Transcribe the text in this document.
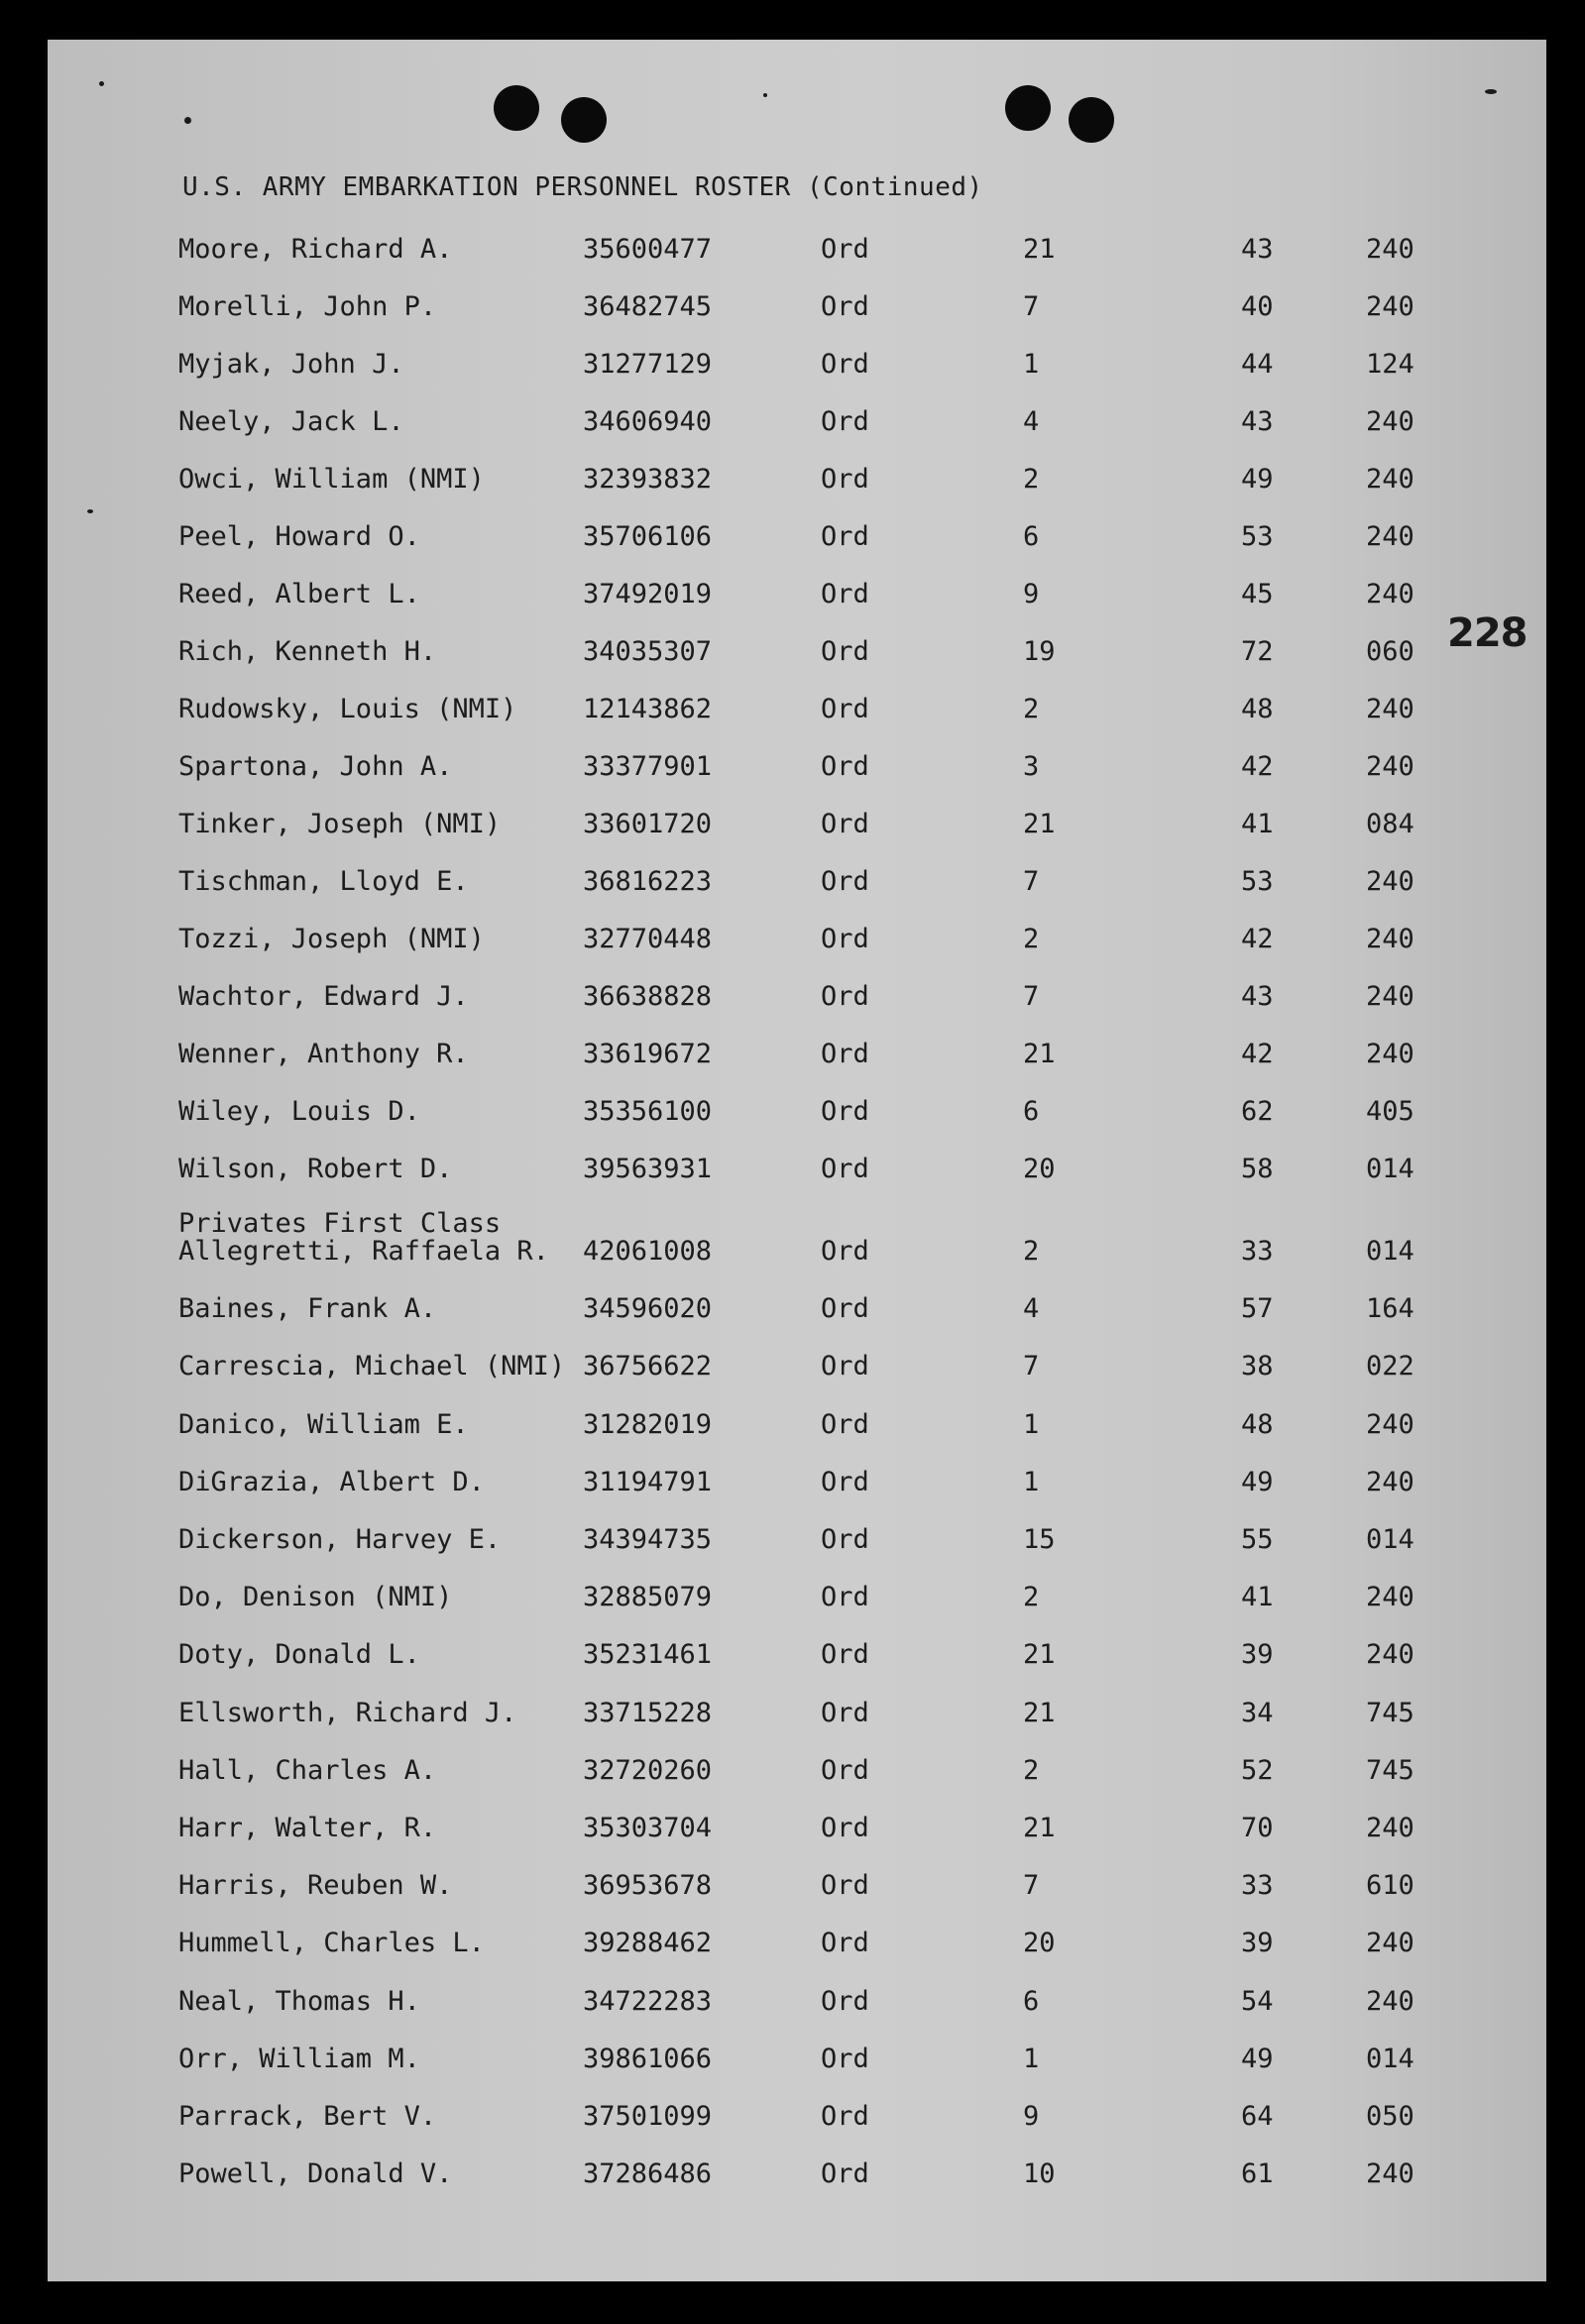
U.S. ARMY EMBARKATION PERSONNEL ROSTER (Continued)
228
Moore, Richard A.	35600477	Ord	21	43	240
Morelli, John P.	36482745	Ord	7	40	240
Myjak, John J.	31277129	Ord	1	44	124
Neely, Jack L.	34606940	Ord	4	43	240
Owci, William (NMI)	32393832	Ord	2	49	240
Peel, Howard O.	35706106	Ord	6	53	240
Reed, Albert L.	37492019	Ord	9	45	240
Rich, Kenneth H.	34035307	Ord	19	72	060
Rudowsky, Louis (NMI) 12143862	Ord	2	48	240
Spartona, John A.	33377901	Ord	3	42	240
Tinker, Joseph (NMI)	33601720	Ord	21	41	084
Tischman, Lloyd E.	36816223	Ord	7	53	240
Tozzi, Joseph (NMI)	32770448	Ord	2	42	240
Wachtor, Edward J.	36638828	Ord	7	43	240
Wenner, Anthony R.	33619672	Ord	21	42	240
Wiley, Louis D.	35356100	Ord	6	62	405
Wilson, Robert D.	39563931	Ord	20	58	014
Privates First Class
Allegretti, Raffaela R. 42061008	Ord	2	33	014
Baines, Frank A.	34596020	Ord	4	57	164
Carrescia, Michael (NMI) 36756622	Ord	7	38	022
Danico, William E.	31282019	Ord	1	48	240
DiGrazia, Albert D.	31194791	Ord	1	49	240
Dickerson, Harvey E.	34394735	Ord	15	55	014
Do, Denison (NMI)	32885079	Ord	2	41	240
Doty, Donald L.	35231461	Ord	21	39	240
Ellsworth, Richard J. 33715228	Ord	21	34	745
Hall, Charles A.	32720260	Ord	2	52	745
Harr, Walter, R.	35303704	Ord	21	70	240
Harris, Reuben W.	36953678	Ord	7	33	610
Hummell, Charles L.	39288462	Ord	20	39	240
Neal, Thomas H.	34722283	Ord	6	54	240
Orr, William M.	39861066	Ord	1	49	014
Parrack, Bert V.	37501099	Ord	9	64	050
Powell, Donald V.	37286486	Ord	10	61	240
